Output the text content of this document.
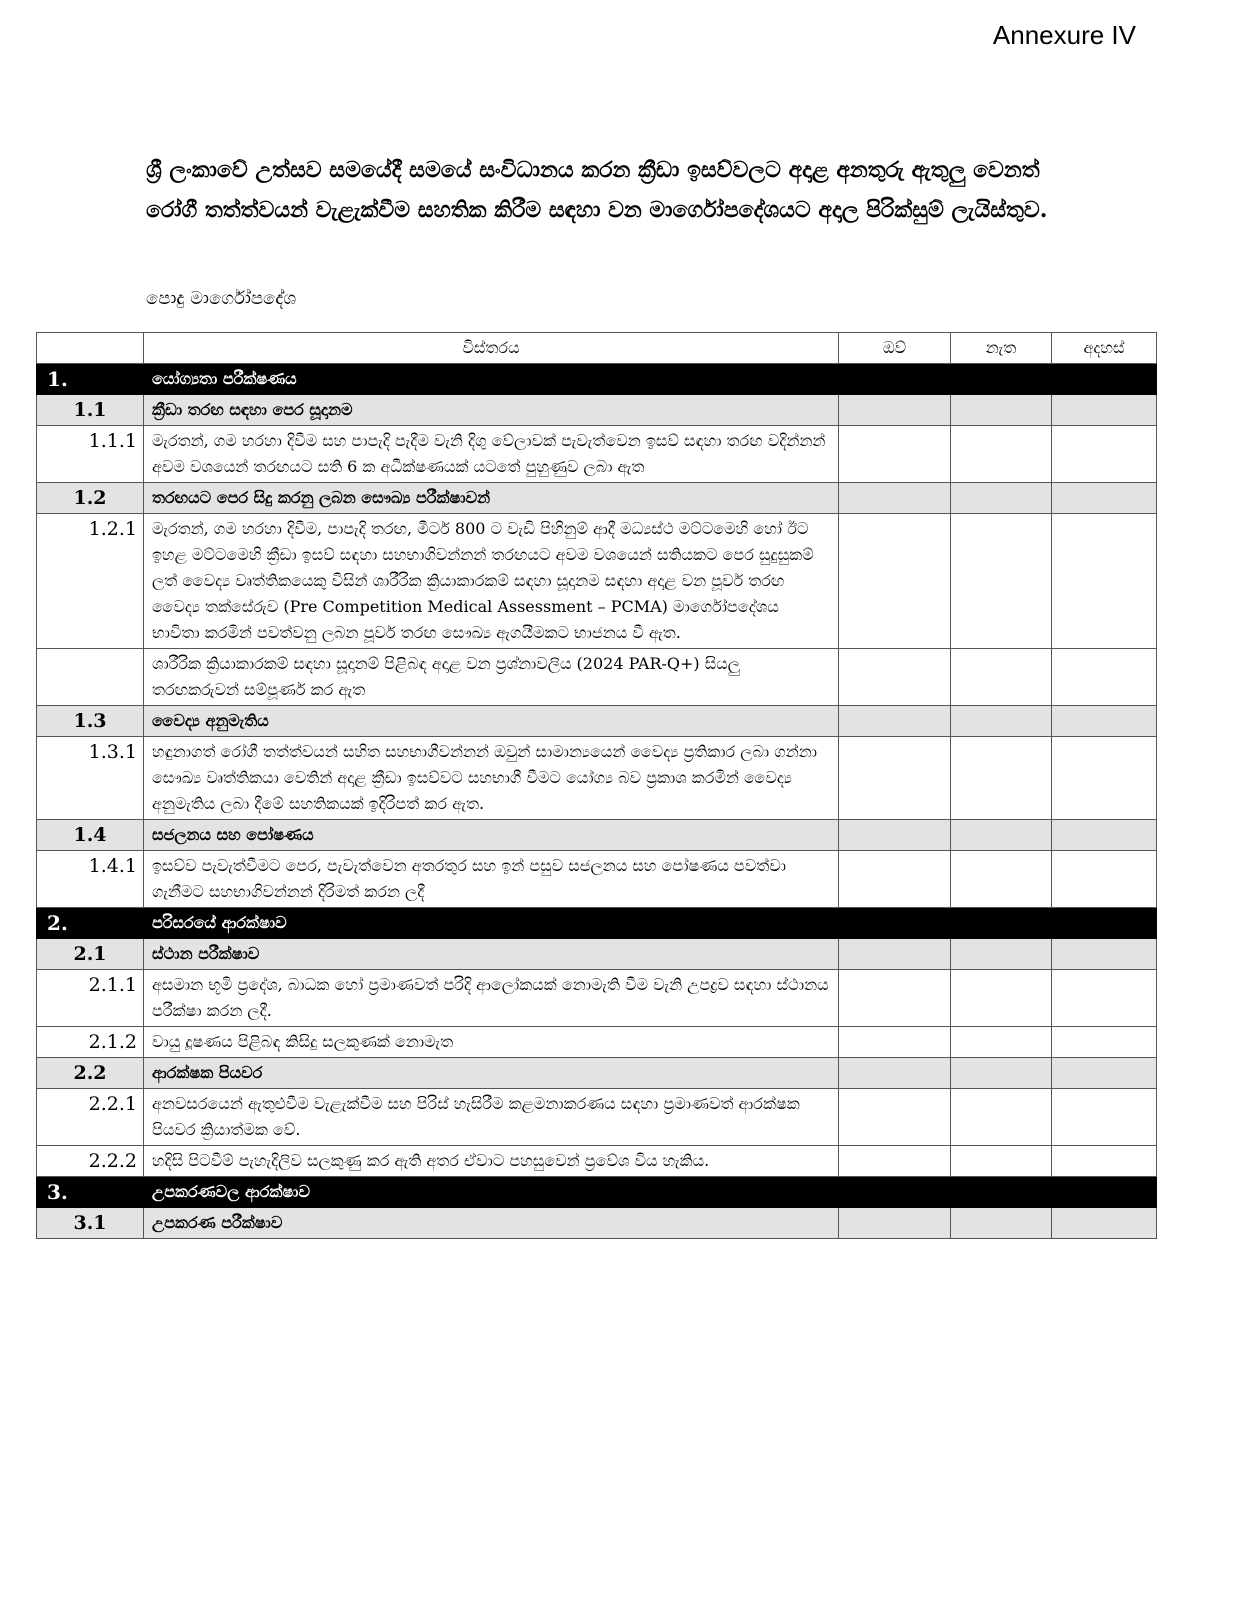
Annexure IV
ශ්‍රී ලංකාවේ උත්සව සමයේදී සමයේ සංවිධානය කරන ක්‍රීඩා ඉසව්වලට අදාළ අනතුරු ඇතුලු වෙනත් රෝගී තත්ත්වයන් වැළැක්වීම සහතික කිරීම සඳහා වන මාර්ගෝපදේශයට අදාල පිරික්සුම් ලැයිස්තුව.
පොදු මාර්ගෝපදේශ
	විස්තරය	ඔව්	නැත	අදහස්
1.	යෝග්‍යතා පරීක්ෂණය			
1.1	ක්‍රීඩා තරඟ සඳහා පෙර සූදානම			
1.1.1	මැරතන්, ගම හරහා දිවීම සහ පාපැදි පැදීම වැනි දිගු වේලාවක් පැවැත්වෙන ඉසව් සඳහා තරඟ වදින්නන් අවම වශයෙන් තරඟයට සති 6 ක අධීක්ෂණයක් යටතේ පුහුණුව ලබා ඇත			
1.2	තරඟයට පෙර සිදු කරනු ලබන සෞඛ්‍ය පරීක්ෂාවන්			
1.2.1	මැරතන්, ගම හරහා දිවීම, පාපැදි තරඟ, මීටර් 800 ට වැඩි පිහිනුම් ආදී මධ්‍යස්ථ මට්ටමෙහි හෝ ඊට ඉහළ මට්ටමෙහි ක්‍රීඩා ඉසව් සඳහා සහභාගිවන්නන් තරඟයට අවම වශයෙන් සතියකට පෙර සුදුසුකම් ලත් වෛද්‍ය වෘත්තිකයෙකු විසින් ශාරීරික ක්‍රියාකාරකම් සඳහා සූදානම සඳහා අදාළ වන පූර්ව තරඟ වෛද්‍ය තක්සේරුව (Pre Competition Medical Assessment – PCMA) මාර්ගෝපදේශය භාවිතා කරමින් පවත්වනු ලබන පූර්ව තරඟ සෞඛ්‍ය ඇගයීමකට භාජනය වී ඇත.			
	ශාරීරික ක්‍රියාකාරකම් සඳහා සූදානම් පිළිබඳ අදාළ වන ප්‍රශ්නාවලිය (2024 PAR-Q+) සියලු තරඟකරුවන් සම්පූර්ණ කර ඇත			
1.3	වෛද්‍ය අනුමැතිය			
1.3.1	හඳුනාගත් රෝගී තත්ත්වයන් සහිත සහභාගීවන්නන් ඔවුන් සාමාන්‍යයෙන් වෛද්‍ය ප්‍රතිකාර ලබා ගන්නා සෞඛ්‍ය වෘත්තිකයා වෙතින් අදාළ ක්‍රීඩා ඉසව්වට සහභාගී වීමට යෝග්‍ය බව ප්‍රකාශ කරමින් වෛද්‍ය අනුමැතිය ලබා දීමේ සහතිකයක් ඉදිරිපත් කර ඇත.			
1.4	සජලනය සහ පෝෂණය			
1.4.1	ඉසව්ව පැවැත්වීමට පෙර, පැවැත්වෙන අතරතුර සහ ඉන් පසුව සජලනය සහ පෝෂණය පවත්වා ගැනීමට සහභාගිවන්නන් දිරිමත් කරන ලදී			
2.	පරිසරයේ ආරක්ෂාව			
2.1	ස්ථාන පරීක්ෂාව			
2.1.1	අසමාන භූමි ප්‍රදේශ, බාධක හෝ ප්‍රමාණවත් පරිදි ආලෝකයක් නොමැති වීම වැනි උපද්‍රව සඳහා ස්ථානය පරීක්ෂා කරන ලදී.			
2.1.2	වායු දූෂණය පිළිබඳ කිසිදු සලකුණක් නොමැත			
2.2	ආරක්ෂක පියවර			
2.2.1	අනවසරයෙන් ඇතුළුවීම වැළැක්වීම සහ පිරිස් හැසිරීම කළමනාකරණය සඳහා ප්‍රමාණවත් ආරක්ෂක පියවර ක්‍රියාත්මක වේ.			
2.2.2	හදිසි පිටවීම් පැහැදිලිව සලකුණු කර ඇති අතර ඒවාට පහසුවෙන් ප්‍රවේශ විය හැකිය.			
3.	උපකරණවල ආරක්ෂාව			
3.1	උපකරණ පරීක්ෂාව			
